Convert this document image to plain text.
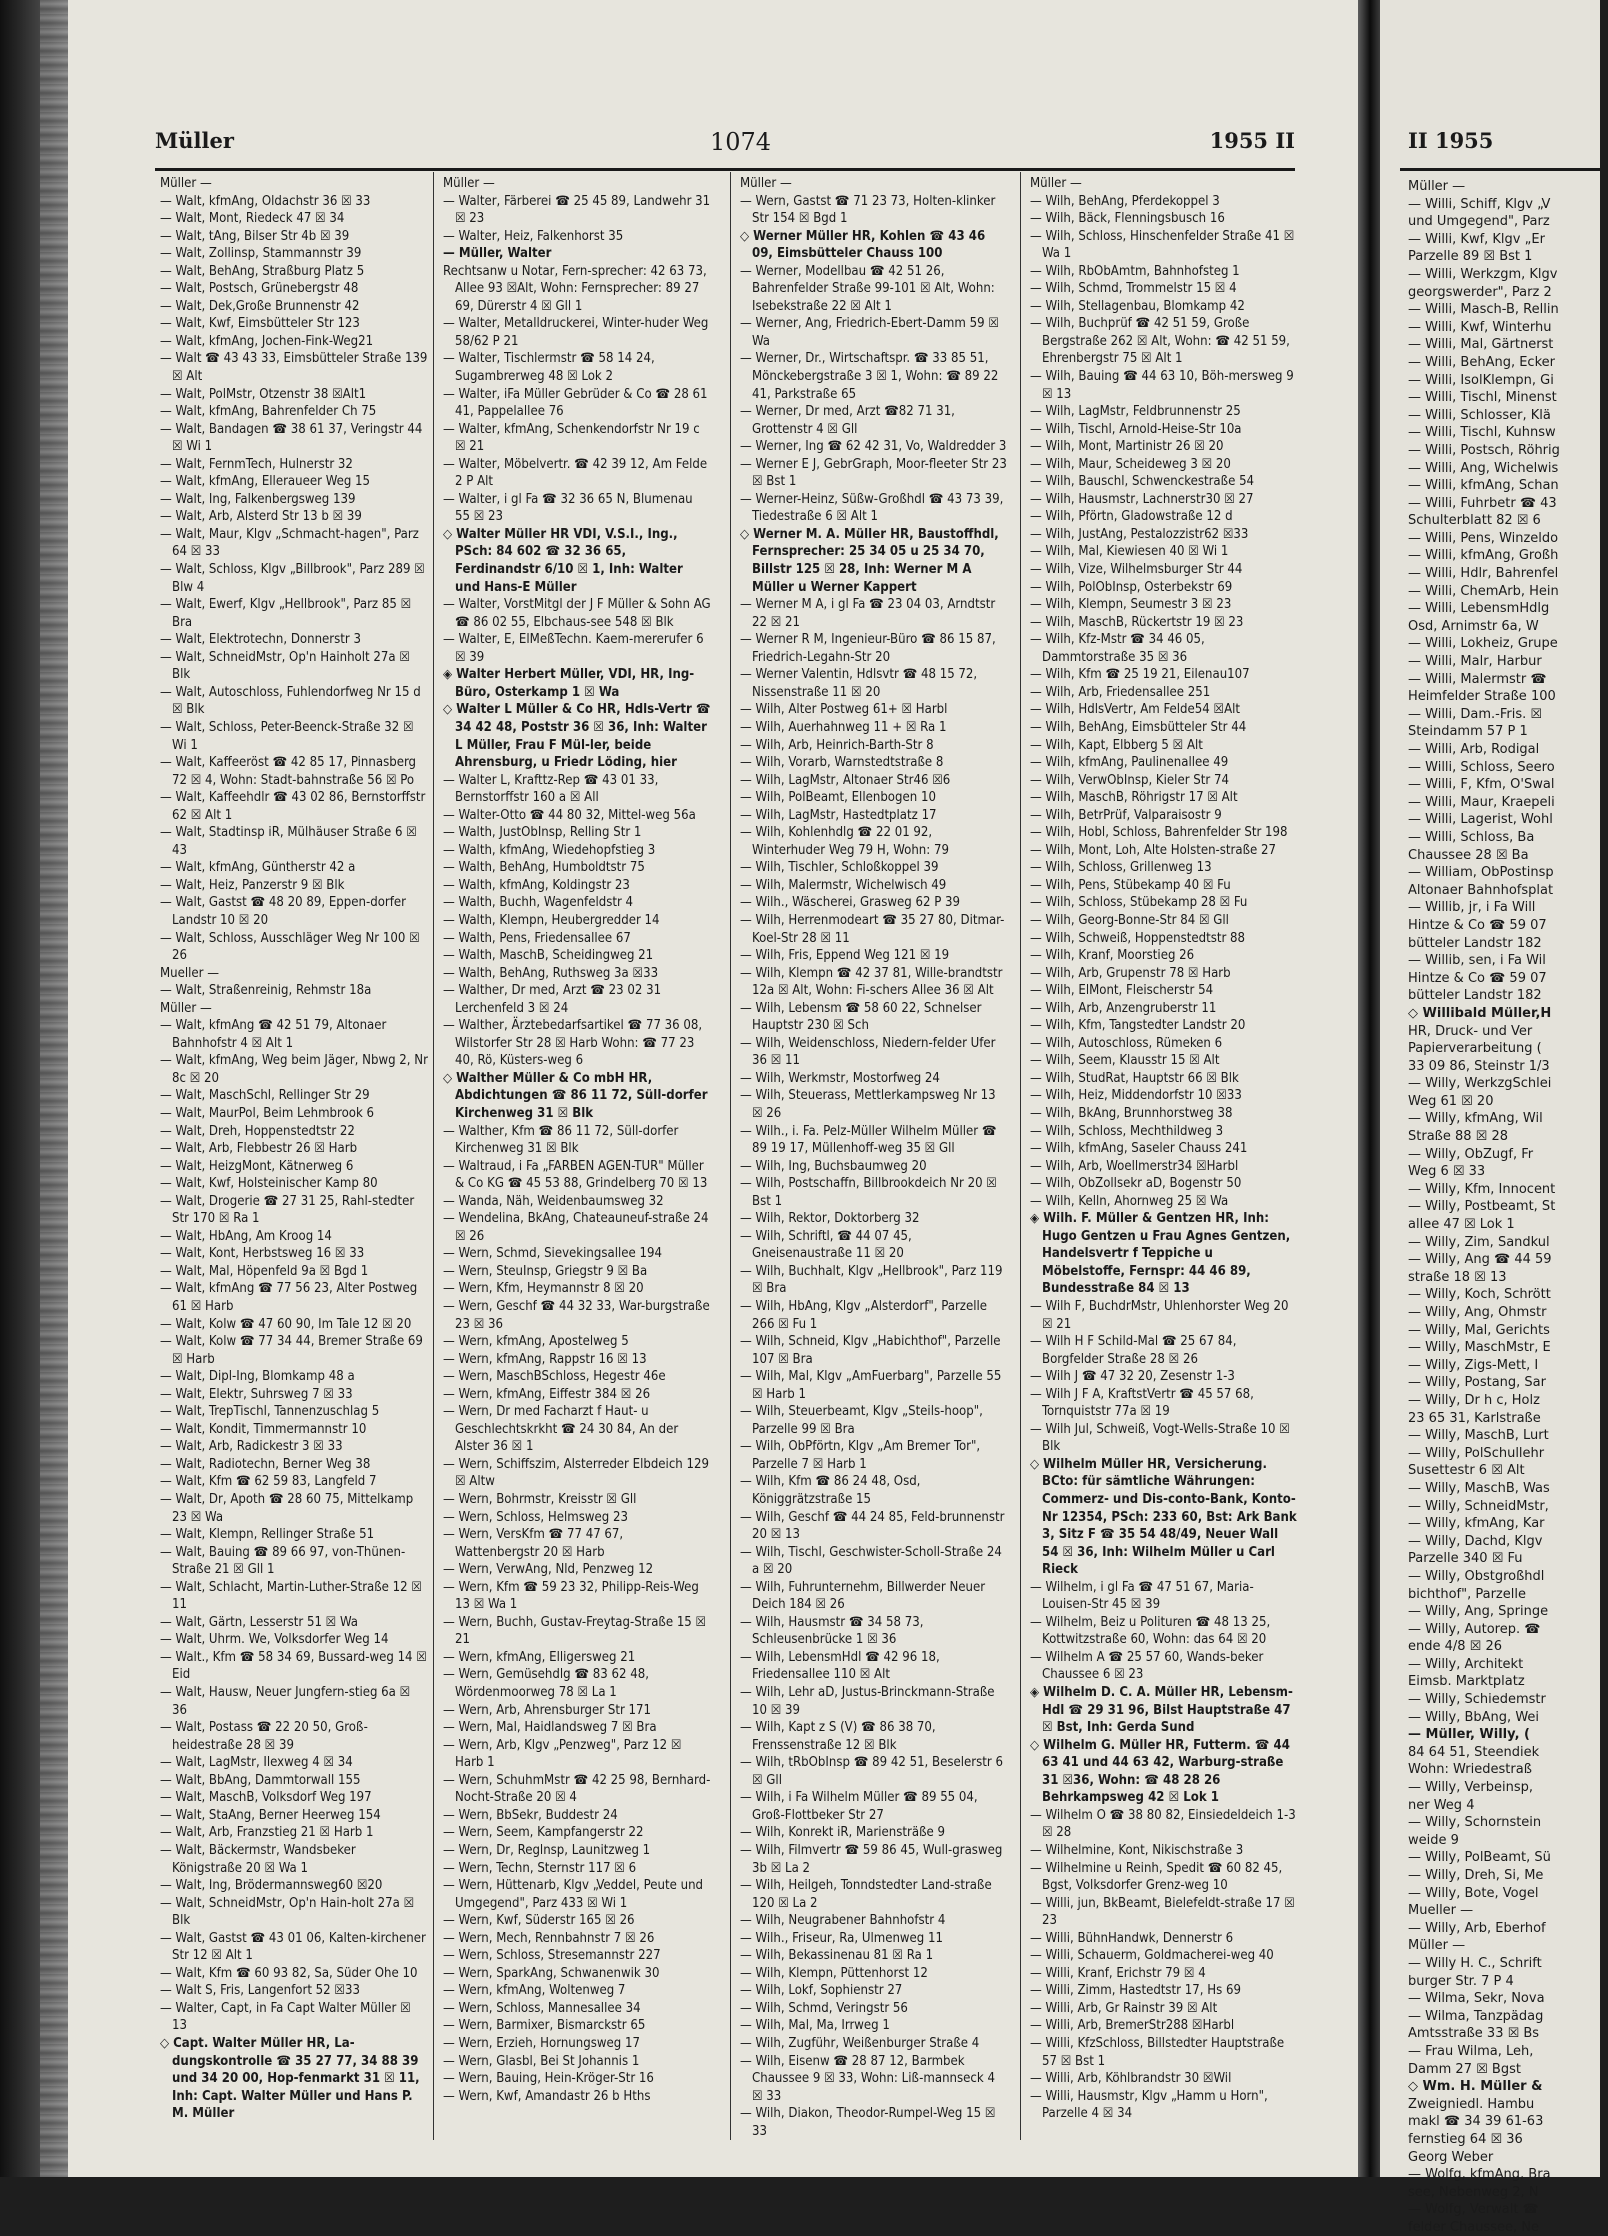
Müller	1074	1955 II
Müller —
— Walt, kfmAng, Oldachstr 36 ☒ 33
— Walt, Mont, Riedeck 47 ☒ 34
— Walt, tAng, Bilser Str 4b ☒ 39
— Walt, Zollinsp, Stammannstr 39
— Walt, BehAng, Straßburg Platz 5
— Walt, Postsch, Grünebergstr 48
— Walt, Dek,Große Brunnenstr 42
— Walt, Kwf, Eimsbütteler Str 123
— Walt, kfmAng, Jochen-Fink-Weg21
— Walt ☎ 43 43 33, Eimsbütteler Straße 139 ☒ Alt
— Walt, PolMstr, Otzenstr 38 ☒Alt1
— Walt, kfmAng, Bahrenfelder Ch 75
— Walt, Bandagen ☎ 38 61 37, Veringstr 44 ☒ Wi 1
— Walt, FernmTech, Hulnerstr 32
— Walt, kfmAng, Elleraueer Weg 15
— Walt, Ing, Falkenbergsweg 139
— Walt, Arb, Alsterd Str 13 b ☒ 39
— Walt, Maur, Klgv „Schmacht-hagen", Parz 64 ☒ 33
— Walt, Schloss, Klgv „Billbrook", Parz 289 ☒ Blw 4
— Walt, Ewerf, Klgv „Hellbrook", Parz 85 ☒ Bra
— Walt, Elektrotechn, Donnerstr 3
— Walt, SchneidMstr, Op'n Hainholt 27a ☒ Blk
— Walt, Autoschloss, Fuhlendorfweg Nr 15 d ☒ Blk
— Walt, Schloss, Peter-Beenck-Straße 32 ☒ Wi 1
— Walt, Kaffeeröst ☎ 42 85 17, Pinnasberg 72 ☒ 4, Wohn: Stadt-bahnstraße 56 ☒ Po
— Walt, Kaffeehdlr ☎ 43 02 86, Bernstorffstr 62 ☒ Alt 1
— Walt, Stadtinsp iR, Mülhäuser Straße 6 ☒ 43
— Walt, kfmAng, Güntherstr 42 a
— Walt, Heiz, Panzerstr 9 ☒ Blk
— Walt, Gastst ☎ 48 20 89, Eppen-dorfer Landstr 10 ☒ 20
— Walt, Schloss, Ausschläger Weg Nr 100 ☒ 26
Mueller —
— Walt, Straßenreinig, Rehmstr 18a
Müller —
— Walt, kfmAng ☎ 42 51 79, Altonaer Bahnhofstr 4 ☒ Alt 1
— Walt, kfmAng, Weg beim Jäger, Nbwg 2, Nr 8c ☒ 20
— Walt, MaschSchl, Rellinger Str 29
— Walt, MaurPol, Beim Lehmbrook 6
— Walt, Dreh, Hoppenstedtstr 22
— Walt, Arb, Flebbestr 26 ☒ Harb
— Walt, HeizgMont, Kätnerweg 6
— Walt, Kwf, Holsteinischer Kamp 80
— Walt, Drogerie ☎ 27 31 25, Rahl-stedter Str 170 ☒ Ra 1
— Walt, HbAng, Am Kroog 14
— Walt, Kont, Herbstsweg 16 ☒ 33
— Walt, Mal, Höpenfeld 9a ☒ Bgd 1
— Walt, kfmAng ☎ 77 56 23, Alter Postweg 61 ☒ Harb
— Walt, Kolw ☎ 47 60 90, Im Tale 12 ☒ 20
— Walt, Kolw ☎ 77 34 44, Bremer Straße 69 ☒ Harb
— Walt, Dipl-Ing, Blomkamp 48 a
— Walt, Elektr, Suhrsweg 7 ☒ 33
— Walt, TrepTischl, Tannenzuschlag 5
— Walt, Kondit, Timmermannstr 10
— Walt, Arb, Radickestr 3 ☒ 33
— Walt, Radiotechn, Berner Weg 38
— Walt, Kfm ☎ 62 59 83, Langfeld 7
— Walt, Dr, Apoth ☎ 28 60 75, Mittelkamp 23 ☒ Wa
— Walt, Klempn, Rellinger Straße 51
— Walt, Bauing ☎ 89 66 97, von-Thünen-Straße 21 ☒ Gll 1
— Walt, Schlacht, Martin-Luther-Straße 12 ☒ 11
— Walt, Gärtn, Lesserstr 51 ☒ Wa
— Walt, Uhrm. We, Volksdorfer Weg 14
— Walt., Kfm ☎ 58 34 69, Bussard-weg 14 ☒ Eid
— Walt, Hausw, Neuer Jungfern-stieg 6a ☒ 36
— Walt, Postass ☎ 22 20 50, Groß-heidestraße 28 ☒ 39
— Walt, LagMstr, Ilexweg 4 ☒ 34
— Walt, BbAng, Dammtorwall 155
— Walt, MaschB, Volksdorf Weg 197
— Walt, StaAng, Berner Heerweg 154
— Walt, Arb, Franzstieg 21 ☒ Harb 1
— Walt, Bäckermstr, Wandsbeker Königstraße 20 ☒ Wa 1
— Walt, Ing, Brödermannsweg60 ☒20
— Walt, SchneidMstr, Op'n Hain-holt 27a ☒ Blk
— Walt, Gastst ☎ 43 01 06, Kalten-kirchener Str 12 ☒ Alt 1
— Walt, Kfm ☎ 60 93 82, Sa, Süder Ohe 10
— Walt S, Fris, Langenfort 52 ☒33
— Walter, Capt, in Fa Capt Walter Müller ☒ 13
◇ Capt. Walter Müller HR, La-dungskontrolle ☎ 35 27 77, 34 88 39 und 34 20 00, Hop-fenmarkt 31 ☒ 11, Inh: Capt. Walter Müller und Hans P. M. Müller
Müller —
— Walter, Färberei ☎ 25 45 89, Landwehr 31 ☒ 23
— Walter, Heiz, Falkenhorst 35
— Müller, Walter
Rechtsanw u Notar, Fern-sprecher: 42 63 73, Allee 93 ☒Alt, Wohn: Fernsprecher: 89 27 69, Dürerstr 4 ☒ Gll 1
— Walter, Metalldruckerei, Winter-huder Weg 58/62 P 21
— Walter, Tischlermstr ☎ 58 14 24, Sugambrerweg 48 ☒ Lok 2
— Walter, iFa Müller Gebrüder & Co ☎ 28 61 41, Pappelallee 76
— Walter, kfmAng, Schenkendorfstr Nr 19 c ☒ 21
— Walter, Möbelvertr. ☎ 42 39 12, Am Felde 2 P Alt
— Walter, i gl Fa ☎ 32 36 65 N, Blumenau 55 ☒ 23
◇ Walter Müller HR VDI, V.S.I., Ing., PSch: 84 602 ☎ 32 36 65, Ferdinandstr 6/10 ☒ 1, Inh: Walter und Hans-E Müller
— Walter, VorstMitgl der J F Müller & Sohn AG ☎ 86 02 55, Elbchaus-see 548 ☒ Blk
— Walter, E, ElMeßTechn. Kaem-mererufer 6 ☒ 39
◈ Walter Herbert Müller, VDI, HR, Ing-Büro, Osterkamp 1 ☒ Wa
◇ Walter L Müller & Co HR, Hdls-Vertr ☎ 34 42 48, Poststr 36 ☒ 36, Inh: Walter L Müller, Frau F Mül-ler, beide Ahrensburg, u Friedr Löding, hier
— Walter L, Krafttz-Rep ☎ 43 01 33, Bernstorffstr 160 a ☒ All
— Walter-Otto ☎ 44 80 32, Mittel-weg 56a
— Walth, JustObInsp, Relling Str 1
— Walth, kfmAng, Wiedehopfstieg 3
— Walth, BehAng, Humboldtstr 75
— Walth, kfmAng, Koldingstr 23
— Walth, Buchh, Wagenfeldstr 4
— Walth, Klempn, Heubergredder 14
— Walth, Pens, Friedensallee 67
— Walth, MaschB, Scheidingweg 21
— Walth, BehAng, Ruthsweg 3a ☒33
— Walther, Dr med, Arzt ☎ 23 02 31 Lerchenfeld 3 ☒ 24
— Walther, Ärztebedarfsartikel ☎ 77 36 08, Wilstorfer Str 28 ☒ Harb Wohn: ☎ 77 23 40, Rö, Küsters-weg 6
◇ Walther Müller & Co mbH HR, Abdichtungen ☎ 86 11 72, Süll-dorfer Kirchenweg 31 ☒ Blk
— Walther, Kfm ☎ 86 11 72, Süll-dorfer Kirchenweg 31 ☒ Blk
— Waltraud, i Fa „FARBEN AGEN-TUR" Müller & Co KG ☎ 45 53 88, Grindelberg 70 ☒ 13
— Wanda, Näh, Weidenbaumsweg 32
— Wendelina, BkAng, Chateauneuf-straße 24 ☒ 26
— Wern, Schmd, Sievekingsallee 194
— Wern, SteuInsp, Griegstr 9 ☒ Ba
— Wern, Kfm, Heymannstr 8 ☒ 20
— Wern, Geschf ☎ 44 32 33, War-burgstraße 23 ☒ 36
— Wern, kfmAng, Apostelweg 5
— Wern, kfmAng, Rappstr 16 ☒ 13
— Wern, MaschBSchloss, Hegestr 46e
— Wern, kfmAng, Eiffestr 384 ☒ 26
— Wern, Dr med Facharzt f Haut- u Geschlechtskrkht ☎ 24 30 84, An der Alster 36 ☒ 1
— Wern, Schiffszim, Alsterreder Elbdeich 129 ☒ Altw
— Wern, Bohrmstr, Kreisstr ☒ Gll
— Wern, Schloss, Helmsweg 23
— Wern, VersKfm ☎ 77 47 67, Wattenbergstr 20 ☒ Harb
— Wern, VerwAng, Nld, Penzweg 12
— Wern, Kfm ☎ 59 23 32, Philipp-Reis-Weg 13 ☒ Wa 1
— Wern, Buchh, Gustav-Freytag-Straße 15 ☒ 21
— Wern, kfmAng, Elligersweg 21
— Wern, Gemüsehdlg ☎ 83 62 48, Wördenmoorweg 78 ☒ La 1
— Wern, Arb, Ahrensburger Str 171
— Wern, Mal, Haidlandsweg 7 ☒ Bra
— Wern, Arb, Klgv „Penzweg", Parz 12 ☒ Harb 1
— Wern, SchuhmMstr ☎ 42 25 98, Bernhard-Nocht-Straße 20 ☒ 4
— Wern, BbSekr, Buddestr 24
— Wern, Seem, Kampfangerstr 22
— Wern, Dr, Reglnsp, Launitzweg 1
— Wern, Techn, Sternstr 117 ☒ 6
— Wern, Hüttenarb, Klgv „Veddel, Peute und Umgegend", Parz 433 ☒ Wi 1
— Wern, Kwf, Süderstr 165 ☒ 26
— Wern, Mech, Rennbahnstr 7 ☒ 26
— Wern, Schloss, Stresemannstr 227
— Wern, SparkAng, Schwanenwik 30
— Wern, kfmAng, Woltenweg 7
— Wern, Schloss, Mannesallee 34
— Wern, Barmixer, Bismarckstr 65
— Wern, Erzieh, Hornungsweg 17
— Wern, Glasbl, Bei St Johannis 1
— Wern, Bauing, Hein-Kröger-Str 16
— Wern, Kwf, Amandastr 26 b Hths
Müller —
— Wern, Gastst ☎ 71 23 73, Holten-klinker Str 154 ☒ Bgd 1
◇ Werner Müller HR, Kohlen ☎ 43 46 09, Eimsbütteler Chauss 100
— Werner, Modellbau ☎ 42 51 26, Bahrenfelder Straße 99-101 ☒ Alt, Wohn: Isebekstraße 22 ☒ Alt 1
— Werner, Ang, Friedrich-Ebert-Damm 59 ☒ Wa
— Werner, Dr., Wirtschaftspr. ☎ 33 85 51, Mönckebergstraße 3 ☒ 1, Wohn: ☎ 89 22 41, Parkstraße 65
— Werner, Dr med, Arzt ☎82 71 31, Grottenstr 4 ☒ Gll
— Werner, Ing ☎ 62 42 31, Vo, Waldredder 3
— Werner E J, GebrGraph, Moor-fleeter Str 23 ☒ Bst 1
— Werner-Heinz, Süßw-Großhdl ☎ 43 73 39, Tiedestraße 6 ☒ Alt 1
◇ Werner M. A. Müller HR, Baustoffhdl, Fernsprecher: 25 34 05 u 25 34 70, Billstr 125 ☒ 28, Inh: Werner M A Müller u Werner Kappert
— Werner M A, i gl Fa ☎ 23 04 03, Arndtstr 22 ☒ 21
— Werner R M, Ingenieur-Büro ☎ 86 15 87, Friedrich-Legahn-Str 20
— Werner Valentin, Hdlsvtr ☎ 48 15 72, Nissenstraße 11 ☒ 20
— Wilh, Alter Postweg 61+ ☒ Harbl
— Wilh, Auerhahnweg 11 + ☒ Ra 1
— Wilh, Arb, Heinrich-Barth-Str 8
— Wilh, Vorarb, Warnstedtstraße 8
— Wilh, LagMstr, Altonaer Str46 ☒6
— Wilh, PolBeamt, Ellenbogen 10
— Wilh, LagMstr, Hastedtplatz 17
— Wilh, Kohlenhdlg ☎ 22 01 92, Winterhuder Weg 79 H, Wohn: 79
— Wilh, Tischler, Schloßkoppel 39
— Wilh, Malermstr, Wichelwisch 49
— Wilh., Wäscherei, Grasweg 62 P 39
— Wilh, Herrenmodeart ☎ 35 27 80, Ditmar-Koel-Str 28 ☒ 11
— Wilh, Fris, Eppend Weg 121 ☒ 19
— Wilh, Klempn ☎ 42 37 81, Wille-brandtstr 12a ☒ Alt, Wohn: Fi-schers Allee 36 ☒ Alt
— Wilh, Lebensm ☎ 58 60 22, Schnelser Hauptstr 230 ☒ Sch
— Wilh, Weidenschloss, Niedern-felder Ufer 36 ☒ 11
— Wilh, Werkmstr, Mostorfweg 24
— Wilh, Steuerass, Mettlerkampsweg Nr 13 ☒ 26
— Wilh., i. Fa. Pelz-Müller Wilhelm Müller ☎ 89 19 17, Müllenhoff-weg 35 ☒ Gll
— Wilh, Ing, Buchsbaumweg 20
— Wilh, Postschaffn, Billbrookdeich Nr 20 ☒ Bst 1
— Wilh, Rektor, Doktorberg 32
— Wilh, Schriftl, ☎ 44 07 45, Gneisenaustraße 11 ☒ 20
— Wilh, Buchhalt, Klgv „Hellbrook", Parz 119 ☒ Bra
— Wilh, HbAng, Klgv „Alsterdorf", Parzelle 266 ☒ Fu 1
— Wilh, Schneid, Klgv „Habichthof", Parzelle 107 ☒ Bra
— Wilh, Mal, Klgv „AmFuerbarg", Parzelle 55 ☒ Harb 1
— Wilh, Steuerbeamt, Klgv „Steils-hoop", Parzelle 99 ☒ Bra
— Wilh, ObPförtn, Klgv „Am Bremer Tor", Parzelle 7 ☒ Harb 1
— Wilh, Kfm ☎ 86 24 48, Osd, Königgrätzstraße 15
— Wilh, Geschf ☎ 44 24 85, Feld-brunnenstr 20 ☒ 13
— Wilh, Tischl, Geschwister-Scholl-Straße 24 a ☒ 20
— Wilh, Fuhrunternehm, Billwerder Neuer Deich 184 ☒ 26
— Wilh, Hausmstr ☎ 34 58 73, Schleusenbrücke 1 ☒ 36
— Wilh, LebensmHdl ☎ 42 96 18, Friedensallee 110 ☒ Alt
— Wilh, Lehr aD, Justus-Brinckmann-Straße 10 ☒ 39
— Wilh, Kapt z S (V) ☎ 86 38 70, Frenssenstraße 12 ☒ Blk
— Wilh, tRbObInsp ☎ 89 42 51, Beselerstr 6 ☒ Gll
— Wilh, i Fa Wilhelm Müller ☎ 89 55 04, Groß-Flottbeker Str 27
— Wilh, Konrekt iR, Mariensträße 9
— Wilh, Filmvertr ☎ 59 86 45, Wull-grasweg 3b ☒ La 2
— Wilh, Heilgeh, Tonndstedter Land-straße 120 ☒ La 2
— Wilh, Neugrabener Bahnhofstr 4
— Wilh., Friseur, Ra, Ulmenweg 11
— Wilh, Bekassinenau 81 ☒ Ra 1
— Wilh, Klempn, Püttenhorst 12
— Wilh, Lokf, Sophienstr 27
— Wilh, Schmd, Veringstr 56
— Wilh, Mal, Ma, Irrweg 1
— Wilh, Zugführ, Weißenburger Straße 4
— Wilh, Eisenw ☎ 28 87 12, Barmbek Chaussee 9 ☒ 33, Wohn: Liß-mannseck 4 ☒ 33
— Wilh, Diakon, Theodor-Rumpel-Weg 15 ☒ 33
Müller —
— Wilh, BehAng, Pferdekoppel 3
— Wilh, Bäck, Flenningsbusch 16
— Wilh, Schloss, Hinschenfelder Straße 41 ☒ Wa 1
— Wilh, RbObAmtm, Bahnhofsteg 1
— Wilh, Schmd, Trommelstr 15 ☒ 4
— Wilh, Stellagenbau, Blomkamp 42
— Wilh, Buchprüf ☎ 42 51 59, Große Bergstraße 262 ☒ Alt, Wohn: ☎ 42 51 59, Ehrenbergstr 75 ☒ Alt 1
— Wilh, Bauing ☎ 44 63 10, Böh-mersweg 9 ☒ 13
— Wilh, LagMstr, Feldbrunnenstr 25
— Wilh, Tischl, Arnold-Heise-Str 10a
— Wilh, Mont, Martinistr 26 ☒ 20
— Wilh, Maur, Scheideweg 3 ☒ 20
— Wilh, Bauschl, Schwenckestraße 54
— Wilh, Hausmstr, Lachnerstr30 ☒ 27
— Wilh, Pförtn, Gladowstraße 12 d
— Wilh, JustAng, Pestalozzistr62 ☒33
— Wilh, Mal, Kiewiesen 40 ☒ Wi 1
— Wilh, Vize, Wilhelmsburger Str 44
— Wilh, PolObInsp, Osterbekstr 69
— Wilh, Klempn, Seumestr 3 ☒ 23
— Wilh, MaschB, Rückertstr 19 ☒ 23
— Wilh, Kfz-Mstr ☎ 34 46 05, Dammtorstraße 35 ☒ 36
— Wilh, Kfm ☎ 25 19 21, Eilenau107
— Wilh, Arb, Friedensallee 251
— Wilh, HdlsVertr, Am Felde54 ☒Alt
— Wilh, BehAng, Eimsbütteler Str 44
— Wilh, Kapt, Elbberg 5 ☒ Alt
— Wilh, kfmAng, Paulinenallee 49
— Wilh, VerwObInsp, Kieler Str 74
— Wilh, MaschB, Röhrigstr 17 ☒ Alt
— Wilh, BetrPrüf, Valparaisostr 9
— Wilh, Hobl, Schloss, Bahrenfelder Str 198
— Wilh, Mont, Loh, Alte Holsten-straße 27
— Wilh, Schloss, Grillenweg 13
— Wilh, Pens, Stübekamp 40 ☒ Fu
— Wilh, Schloss, Stübekamp 28 ☒ Fu
— Wilh, Georg-Bonne-Str 84 ☒ Gll
— Wilh, Schweiß, Hoppenstedtstr 88
— Wilh, Kranf, Moorstieg 26
— Wilh, Arb, Grupenstr 78 ☒ Harb
— Wilh, ElMont, Fleischerstr 54
— Wilh, Arb, Anzengruberstr 11
— Wilh, Kfm, Tangstedter Landstr 20
— Wilh, Autoschloss, Rümeken 6
— Wilh, Seem, Klausstr 15 ☒ Alt
— Wilh, StudRat, Hauptstr 66 ☒ Blk
— Wilh, Heiz, Middendorfstr 10 ☒33
— Wilh, BkAng, Brunnhorstweg 38
— Wilh, Schloss, Mechthildweg 3
— Wilh, kfmAng, Saseler Chauss 241
— Wilh, Arb, Woellmerstr34 ☒Harbl
— Wilh, ObZollsekr aD, Bogenstr 50
— Wilh, Kelln, Ahornweg 25 ☒ Wa
◈ Wilh. F. Müller & Gentzen HR, Inh: Hugo Gentzen u Frau Agnes Gentzen, Handelsvertr f Teppiche u Möbelstoffe, Fernspr: 44 46 89, Bundesstraße 84 ☒ 13
— Wilh F, BuchdrMstr, Uhlenhorster Weg 20 ☒ 21
— Wilh H F Schild-Mal ☎ 25 67 84, Borgfelder Straße 28 ☒ 26
— Wilh J ☎ 47 32 20, Zesenstr 1-3
— Wilh J F A, KraftstVertr ☎ 45 57 68, Tornquiststr 77a ☒ 19
— Wilh Jul, Schweiß, Vogt-Wells-Straße 10 ☒ Blk
◇ Wilhelm Müller HR, Versicherung. BCto: für sämtliche Währungen: Commerz- und Dis-conto-Bank, Konto-Nr 12354, PSch: 233 60, Bst: Ark Bank 3, Sitz F ☎ 35 54 48/49, Neuer Wall 54 ☒ 36, Inh: Wilhelm Müller u Carl Rieck
— Wilhelm, i gl Fa ☎ 47 51 67, Maria-Louisen-Str 45 ☒ 39
— Wilhelm, Beiz u Polituren ☎ 48 13 25, Kottwitzstraße 60, Wohn: das 64 ☒ 20
— Wilhelm A ☎ 25 57 60, Wands-beker Chaussee 6 ☒ 23
◈ Wilhelm D. C. A. Müller HR, Lebensm-Hdl ☎ 29 31 96, Bilst Hauptstraße 47 ☒ Bst, Inh: Gerda Sund
◇ Wilhelm G. Müller HR, Futterm. ☎ 44 63 41 und 44 63 42, Warburg-straße 31 ☒36, Wohn: ☎ 48 28 26 Behrkampsweg 42 ☒ Lok 1
— Wilhelm O ☎ 38 80 82, Einsiedeldeich 1-3 ☒ 28
— Wilhelmine, Kont, Nikischstraße 3
— Wilhelmine u Reinh, Spedit ☎ 60 82 45, Bgst, Volksdorfer Grenz-weg 10
— Willi, jun, BkBeamt, Bielefeldt-straße 17 ☒ 23
— Willi, BühnHandwk, Dennerstr 6
— Willi, Schauerm, Goldmacherei-weg 40
— Willi, Kranf, Erichstr 79 ☒ 4
— Willi, Zimm, Hastedtstr 17, Hs 69
— Willi, Arb, Gr Rainstr 39 ☒ Alt
— Willi, Arb, BremerStr288 ☒Harbl
— Willi, KfzSchloss, Billstedter Hauptstraße 57 ☒ Bst 1
— Willi, Arb, Köhlbrandstr 30 ☒Wil
— Willi, Hausmstr, Klgv „Hamm u Horn", Parzelle 4 ☒ 34
II 1955
Müller —
— Willi, Schiff, Klgv „V
und Umgegend", Parz
— Willi, Kwf, Klgv „Er
Parzelle 89 ☒ Bst 1
— Willi, Werkzgm, Klgv
georgswerder", Parz 2
— Willi, Masch-B, Rellin
— Willi, Kwf, Winterhu
— Willi, Mal, Gärtnerst
— Willi, BehAng, Ecker
— Willi, IsolKlempn, Gi
— Willi, Tischl, Minenst
— Willi, Schlosser, Klä
— Willi, Tischl, Kuhnsw
— Willi, Postsch, Röhrig
— Willi, Ang, Wichelwis
— Willi, kfmAng, Schan
— Willi, Fuhrbetr ☎ 43
Schulterblatt 82 ☒ 6
— Willi, Pens, Winzeldo
— Willi, kfmAng, Großh
— Willi, Hdlr, Bahrenfel
— Willi, ChemArb, Hein
— Willi, LebensmHdlg
Osd, Arnimstr 6a, W
— Willi, Lokheiz, Grupe
— Willi, Malr, Harbur
— Willi, Malermstr ☎
Heimfelder Straße 100
— Willi, Dam.-Fris. ☒
Steindamm 57 P 1
— Willi, Arb, Rodigal
— Willi, Schloss, Seero
— Willi, F, Kfm, O'Swal
— Willi, Maur, Kraepeli
— Willi, Lagerist, Wohl
— Willi, Schloss, Ba
Chaussee 28 ☒ Ba
— William, ObPostinsp
Altonaer Bahnhofsplat
— Willib, jr, i Fa Will
Hintze & Co ☎ 59 07
bütteler Landstr 182
— Willib, sen, i Fa Wil
Hintze & Co ☎ 59 07
bütteler Landstr 182
◇ Willibald Müller,H
HR, Druck- und Ver
Papierverarbeitung (
33 09 86, Steinstr 1/3
— Willy, WerkzgSchlei
Weg 61 ☒ 20
— Willy, kfmAng, Wil
Straße 88 ☒ 28
— Willy, ObZugf, Fr
Weg 6 ☒ 33
— Willy, Kfm, Innocent
— Willy, Postbeamt, St
allee 47 ☒ Lok 1
— Willy, Zim, Sandkul
— Willy, Ang ☎ 44 59
straße 18 ☒ 13
— Willy, Koch, Schrött
— Willy, Ang, Ohmstr
— Willy, Mal, Gerichts
— Willy, MaschMstr, E
— Willy, Zigs-Mett, I
— Willy, Postang, Sar
— Willy, Dr h c, Holz
23 65 31, Karlstraße
— Willy, MaschB, Lurt
— Willy, PolSchullehr
Susettestr 6 ☒ Alt
— Willy, MaschB, Was
— Willy, SchneidMstr,
— Willy, kfmAng, Kar
— Willy, Dachd, Klgv
Parzelle 340 ☒ Fu
— Willy, Obstgroßhdl
bichthof", Parzelle
— Willy, Ang, Springe
— Willy, Autorep. ☎
ende 4/8 ☒ 26
— Willy, Architekt
Eimsb. Marktplatz
— Willy, Schiedemstr
— Willy, BbAng, Wei
— Müller, Willy, (
84 64 51, Steendiek
Wohn: Wriedestraß
— Willy, Verbeinsp,
ner Weg 4
— Willy, Schornstein
weide 9
— Willy, PolBeamt, Sü
— Willy, Dreh, Si, Me
— Willy, Bote, Vogel
Mueller —
— Willy, Arb, Eberhof
Müller —
— Willy H. C., Schrift
burger Str. 7 P 4
— Wilma, Sekr, Nova
— Wilma, Tanzpädag
Amtsstraße 33 ☒ Bs
— Frau Wilma, Leh,
Damm 27 ☒ Bgst
◇ Wm. H. Müller &
Zweigniedl. Hambu
makl ☎ 34 39 61-63
fernstieg 64 ☒ 36
Georg Weber
— Wolfg, kfmAng, Bra
see, Nebenweg 2, N
— Wolfg, Verwalt ☎
felder Chaussee, Ne
